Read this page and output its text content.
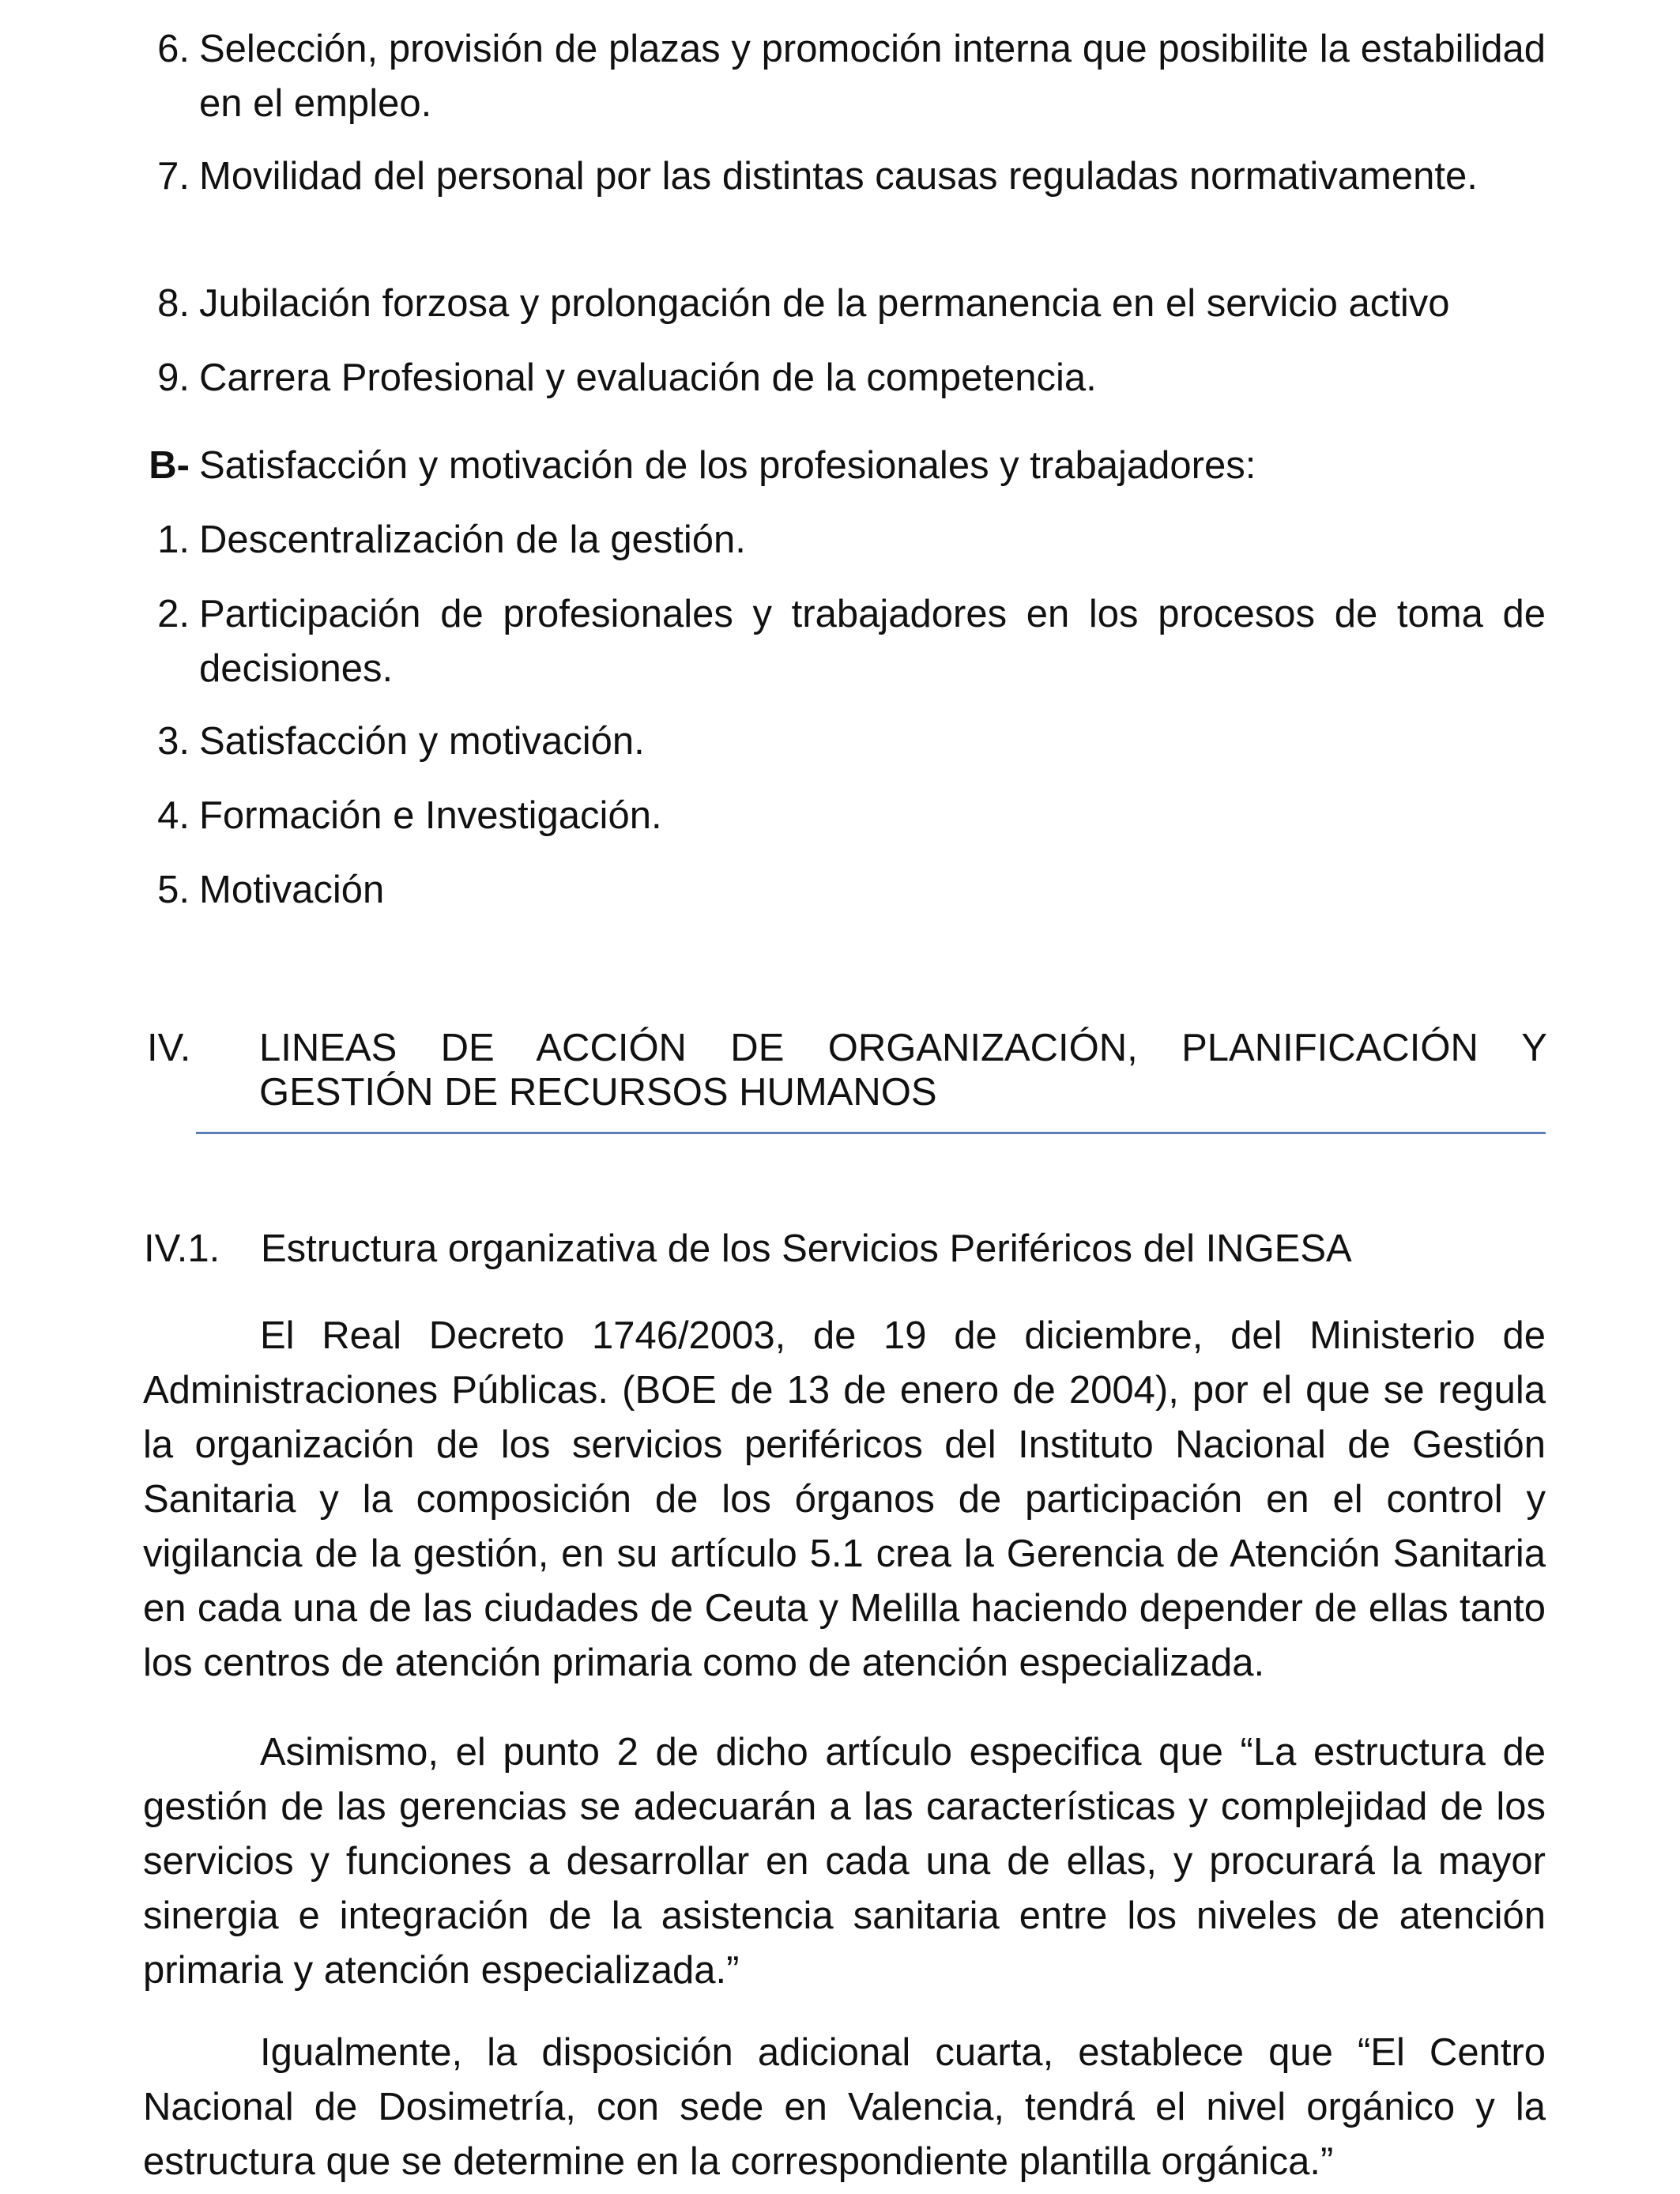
6. Selección, provisión de plazas y promoción interna que posibilite la estabilidad en el empleo.
7. Movilidad del personal por las distintas causas reguladas normativamente.
8. Jubilación forzosa y prolongación de la permanencia en el servicio activo
9. Carrera Profesional y evaluación de la competencia.
B- Satisfacción y motivación de los profesionales y trabajadores:
1. Descentralización de la gestión.
2. Participación de profesionales y trabajadores en los procesos de toma de decisiones.
3. Satisfacción y motivación.
4. Formación e Investigación.
5. Motivación
IV. LINEAS DE ACCIÓN DE ORGANIZACIÓN, PLANIFICACIÓN Y
GESTIÓN DE RECURSOS HUMANOS
IV.1. Estructura organizativa de los Servicios Periféricos del INGESA
El Real Decreto 1746/2003, de 19 de diciembre, del Ministerio de Administraciones Públicas. (BOE de 13 de enero de 2004), por el que se regula la organización de los servicios periféricos del Instituto Nacional de Gestión Sanitaria y la composición de los órganos de participación en el control y vigilancia de la gestión, en su artículo 5.1 crea la Gerencia de Atención Sanitaria en cada una de las ciudades de Ceuta y Melilla haciendo depender de ellas tanto los centros de atención primaria como de atención especializada.
Asimismo, el punto 2 de dicho artículo especifica que “La estructura de gestión de las gerencias se adecuarán a las características y complejidad de los servicios y funciones a desarrollar en cada una de ellas, y procurará la mayor sinergia e integración de la asistencia sanitaria entre los niveles de atención primaria y atención especializada.”
Igualmente, la disposición adicional cuarta, establece que “El Centro Nacional de Dosimetría, con sede en Valencia, tendrá el nivel orgánico y la estructura que se determine en la correspondiente plantilla orgánica.”
